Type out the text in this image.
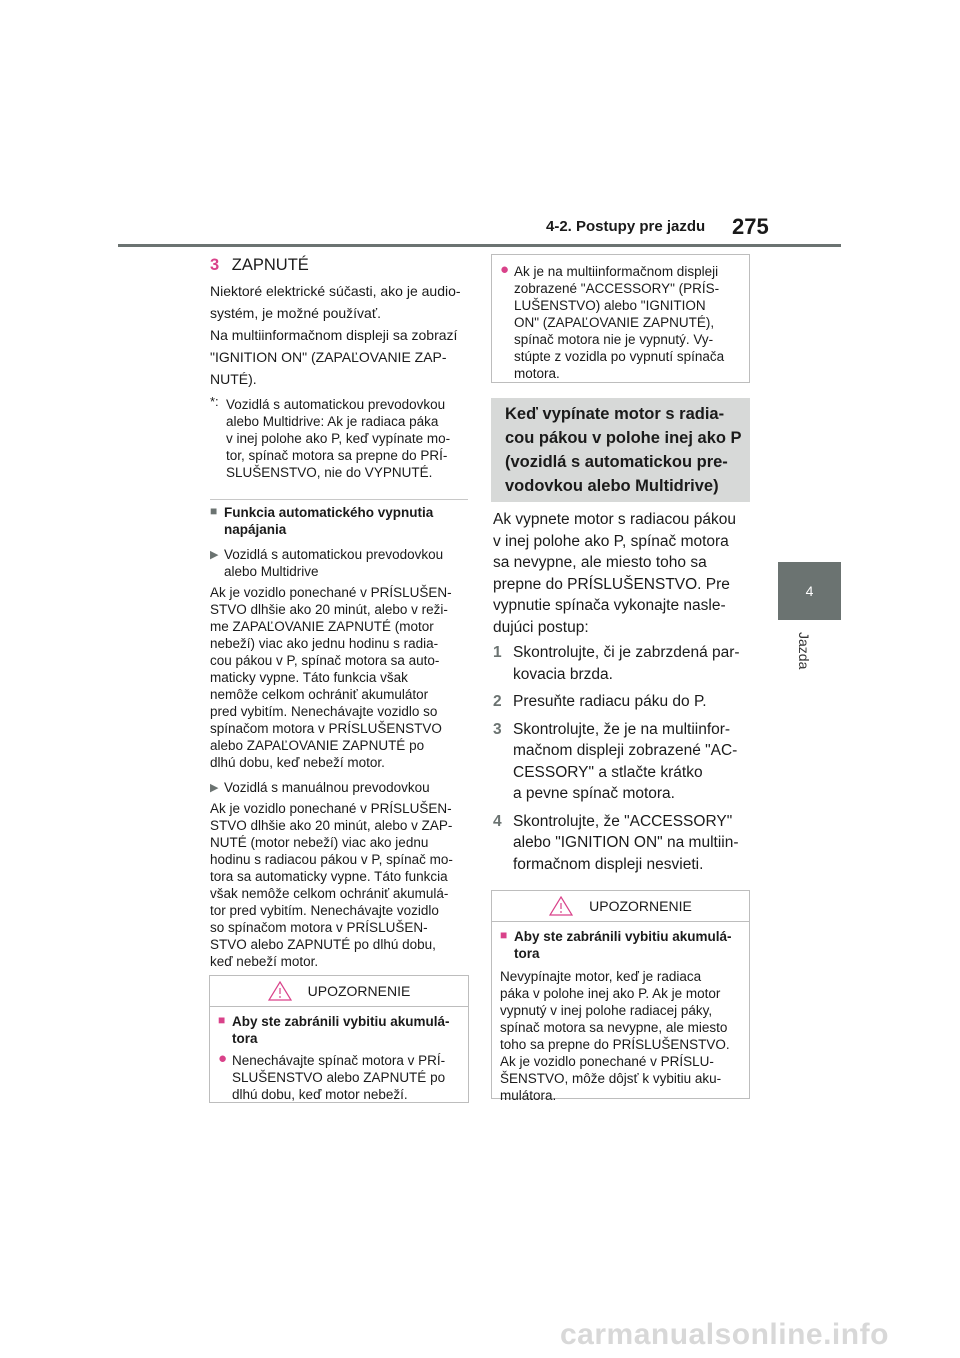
4-2. Postupy pre jazdu 275
4
Jazda
3 ZAPNUTÉ

Niektoré elektrické súčasti, ako je audio-

systém, je možné používať.

Na multiinformačnom displeji sa zobrazí

"IGNITION ON" (ZAPAĽOVANIE ZAP-

NUTÉ).

*: Vozidlá s automatickou prevodovkou

alebo Multidrive: Ak je radiaca páka

v inej polohe ako P, keď vypínate mo-

tor, spínač motora sa prepne do PRÍ-

SLUŠENSTVO, nie do VYPNUTÉ.

■ Funkcia automatického vypnutia

napájania

▶ Vozidlá s automatickou prevodovkou

alebo Multidrive

Ak je vozidlo ponechané v PRÍSLUŠEN-

STVO dlhšie ako 20 minút, alebo v reži-

me ZAPAĽOVANIE ZAPNUTÉ (motor

nebeží) viac ako jednu hodinu s radia-

cou pákou v P, spínač motora sa auto-

maticky vypne. Táto funkcia však

nemôže celkom ochrániť akumulátor

pred vybitím. Nenechávajte vozidlo so

spínačom motora v PRÍSLUŠENSTVO

alebo ZAPAĽOVANIE ZAPNUTÉ po

dlhú dobu, keď nebeží motor.

▶ Vozidlá s manuálnou prevodovkou

Ak je vozidlo ponechané v PRÍSLUŠEN-

STVO dlhšie ako 20 minút, alebo v ZAP-

NUTÉ (motor nebeží) viac ako jednu

hodinu s radiacou pákou v P, spínač mo-

tora sa automaticky vypne. Táto funkcia

však nemôže celkom ochrániť akumulá-

tor pred vybitím. Nenechávajte vozidlo

so spínačom motora v PRÍSLUŠEN-

STVO alebo ZAPNUTÉ po dlhú dobu,

keď nebeží motor.

UPOZORNENIE
■ Aby ste zabránili vybitiu akumulá-

tora

● Nenechávajte spínač motora v PRÍ-

SLUŠENSTVO alebo ZAPNUTÉ po

dlhú dobu, keď motor nebeží.

● Ak je na multiinformačnom displeji

zobrazené "ACCESSORY" (PRÍS-

LUŠENSTVO) alebo "IGNITION

ON" (ZAPAĽOVANIE ZAPNUTÉ),

spínač motora nie je vypnutý. Vy-

stúpte z vozidla po vypnutí spínača

motora.

Keď vypínate motor s radia-

cou pákou v polohe inej ako P

(vozidlá s automatickou pre-

vodovkou alebo Multidrive)

Ak vypnete motor s radiacou pákou

v inej polohe ako P, spínač motora

sa nevypne, ale miesto toho sa

prepne do PRÍSLUŠENSTVO. Pre

vypnutie spínača vykonajte nasle-

dujúci postup:

1 Skontrolujte, či je zabrzdená par-

kovacia brzda.

2 Presuňte radiacu páku do P.

3 Skontrolujte, že je na multiinfor-

mačnom displeji zobrazené "AC-

CESSORY" a stlačte krátko

a pevne spínač motora.

4 Skontrolujte, že "ACCESSORY"

alebo "IGNITION ON" na multiin-

formačnom displeji nesvieti.

UPOZORNENIE
■ Aby ste zabránili vybitiu akumulá-

tora

Nevypínajte motor, keď je radiaca

páka v polohe inej ako P. Ak je motor

vypnutý v inej polohe radiacej páky,

spínač motora sa nevypne, ale miesto

toho sa prepne do PRÍSLUŠENSTVO.

Ak je vozidlo ponechané v PRÍSLU-

ŠENSTVO, môže dôjsť k vybitiu aku-

mulátora.

carmanualsonline.info
